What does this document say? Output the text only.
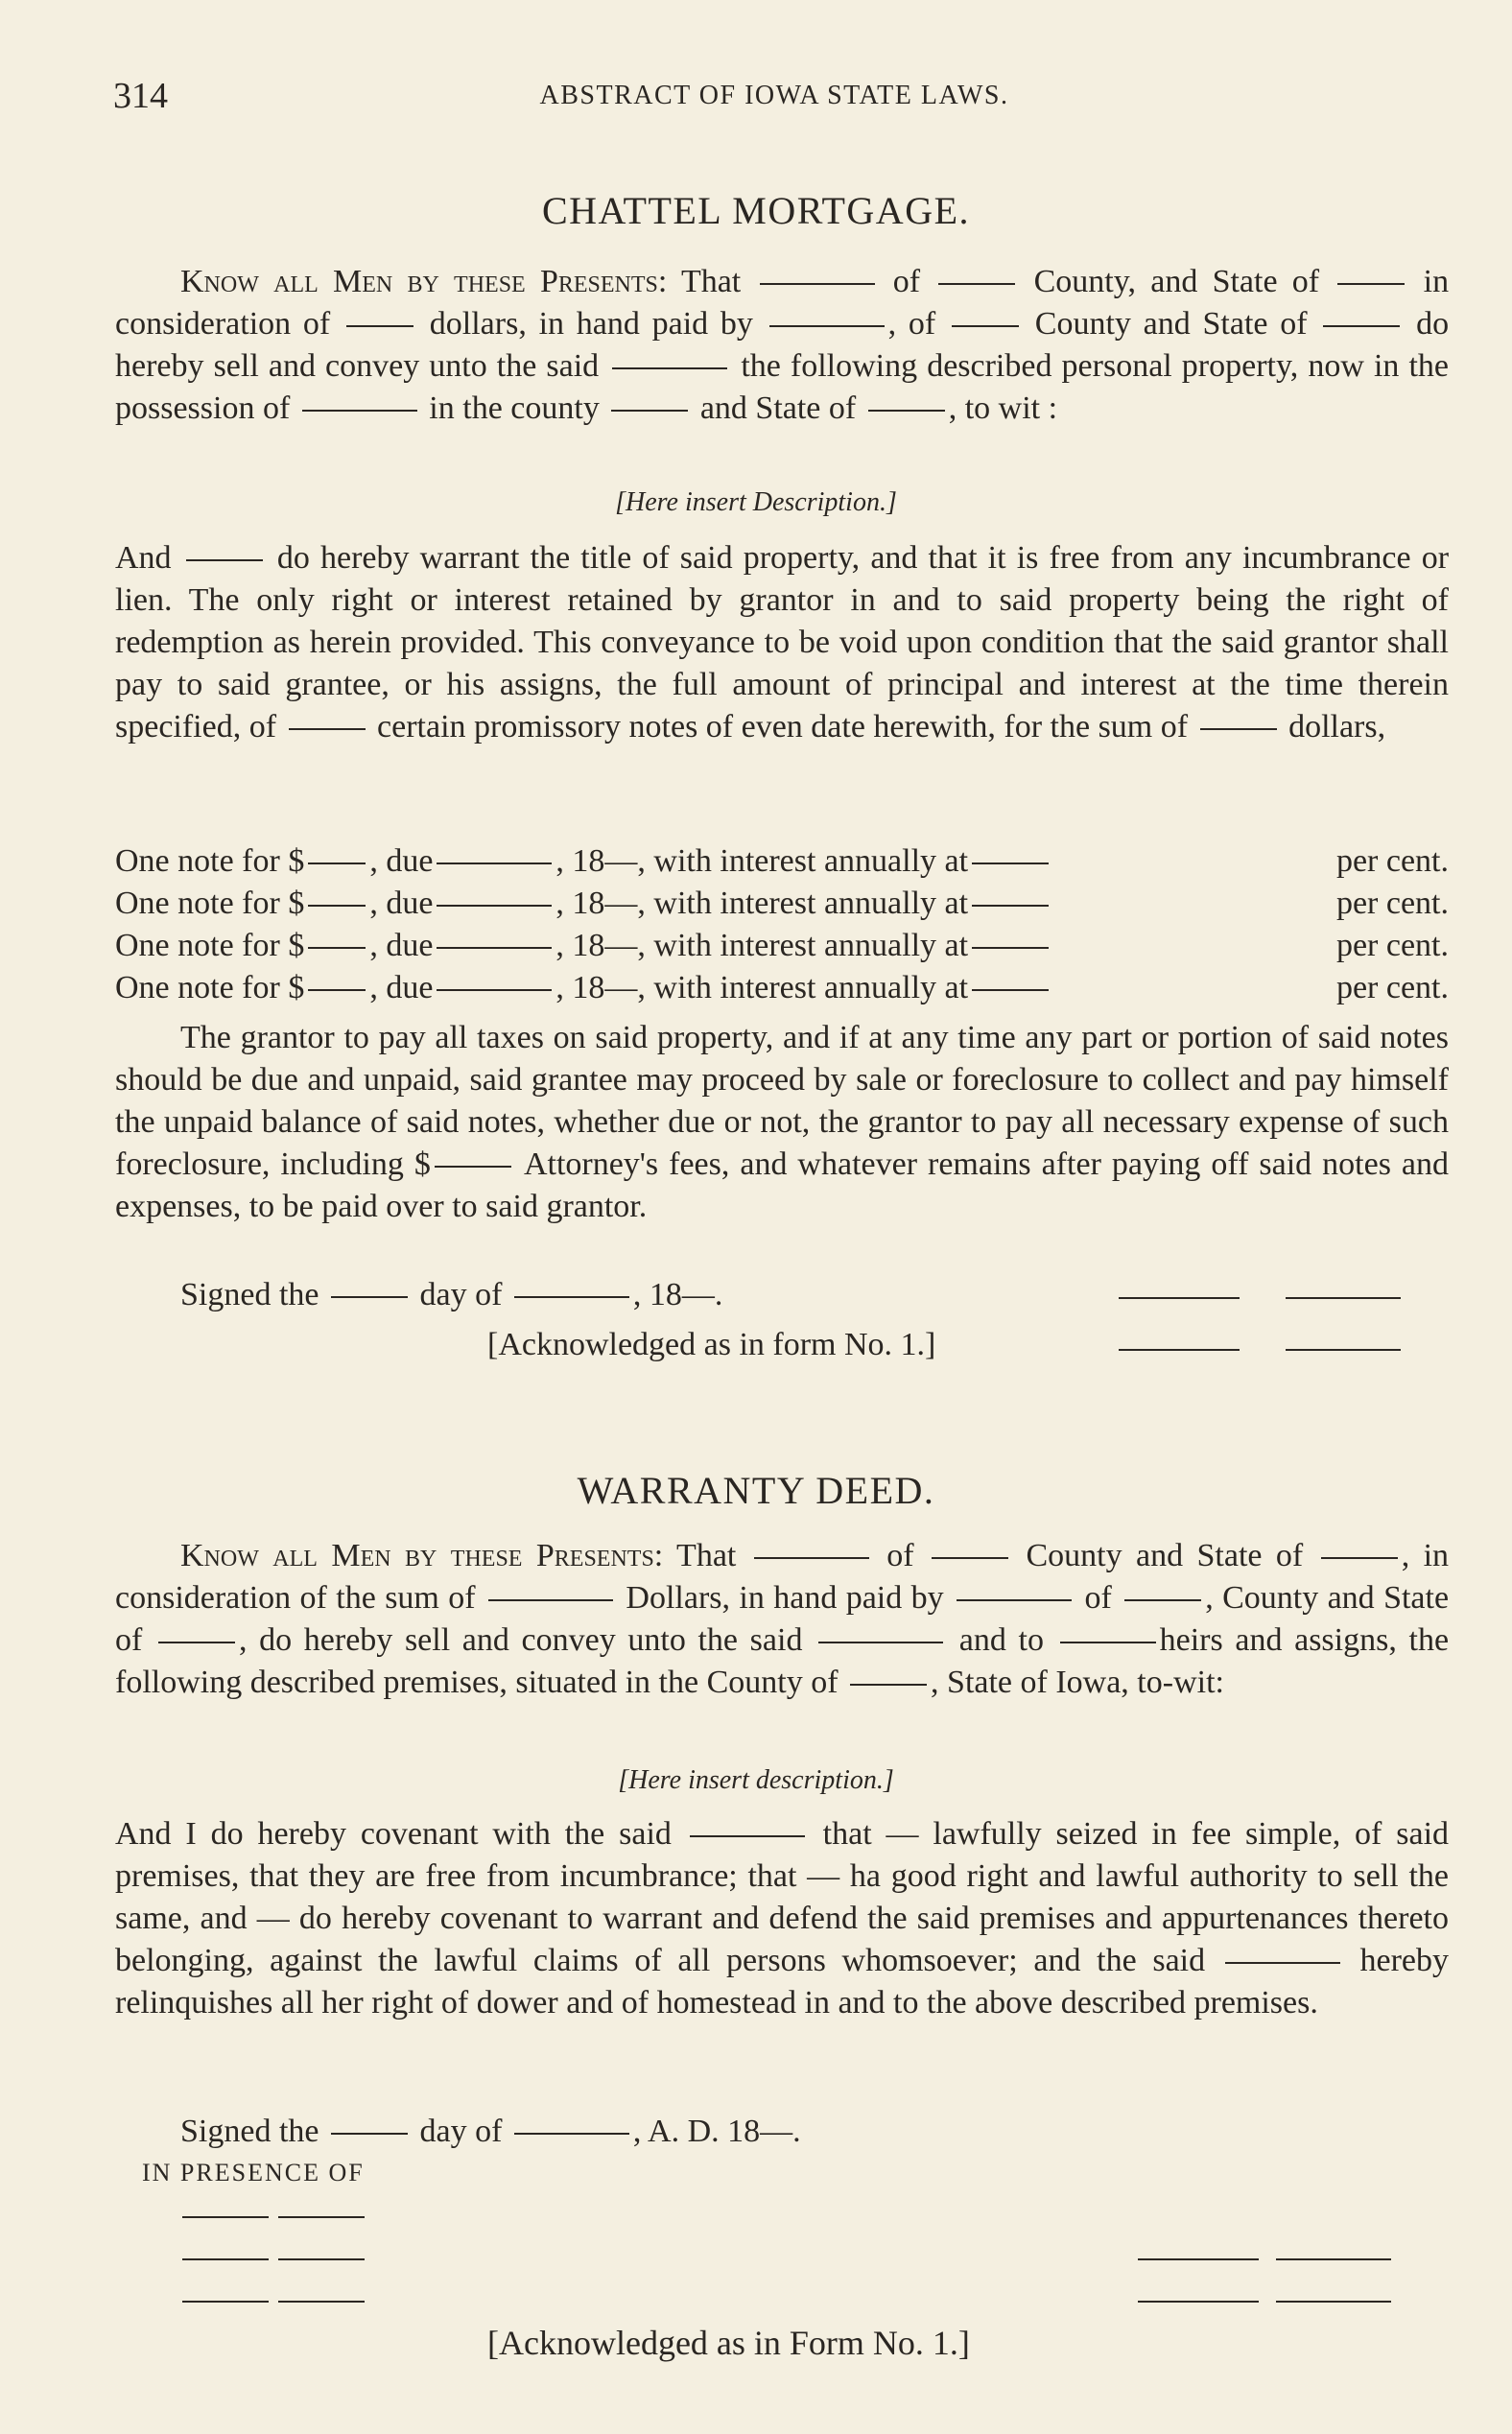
314	ABSTRACT OF IOWA STATE LAWS.
CHATTEL MORTGAGE.
Know all Men by these Presents: That	of	County, and State of	in consideration of	dollars, in hand paid by	, of	County and State of	do hereby sell and convey unto the said	the following described personal property, now in the possession of	in the county	and State of	, to wit :
[Here insert Description.]
And	do hereby warrant the title of said property, and that it is free from any incumbrance or lien. The only right or interest retained by grantor in and to said property being the right of redemption as herein provided. This conveyance to be void upon condition that the said grantor shall pay to said grantee, or his assigns, the full amount of principal and interest at the time therein specified, of	certain promissory notes of even date herewith, for the sum of	dollars,
One note for $ , due	, 18—, with interest annually at	per cent.
One note for $ , due	, 18—, with interest annually at	per cent.
One note for $ , due	, 18—, with interest annually at	per cent.
One note for $ , due	, 18—, with interest annually at	per cent.
The grantor to pay all taxes on said property, and if at any time any part or portion of said notes should be due and unpaid, said grantee may proceed by sale or foreclosure to collect and pay himself the unpaid balance of said notes, whether due or not, the grantor to pay all necessary expense of such foreclosure, including $	Attorney's fees, and whatever remains after paying off said notes and expenses, to be paid over to said grantor.
Signed the	day of	, 18—.
[Acknowledged as in form No. 1.]
WARRANTY DEED.
Know all Men by these Presents: That	of	County and State of	, in consideration of the sum of	Dollars, in hand paid by	of	, County and State of	, do hereby sell and convey unto the said	and to	heirs and assigns, the following described premises, situated in the County of	, State of Iowa, to-wit:
[Here insert description.]
And I do hereby covenant with the said	that — lawfully seized in fee simple, of said premises, that they are free from incumbrance; that — ha good right and lawful authority to sell the same, and — do hereby covenant to warrant and defend the said premises and appurtenances thereto belonging, against the lawful claims of all persons whomsoever; and the said	hereby relinquishes all her right of dower and of homestead in and to the above described premises.
Signed the	day of	, A. D. 18—.
IN PRESENCE OF
[Acknowledged as in Form No. 1.]
